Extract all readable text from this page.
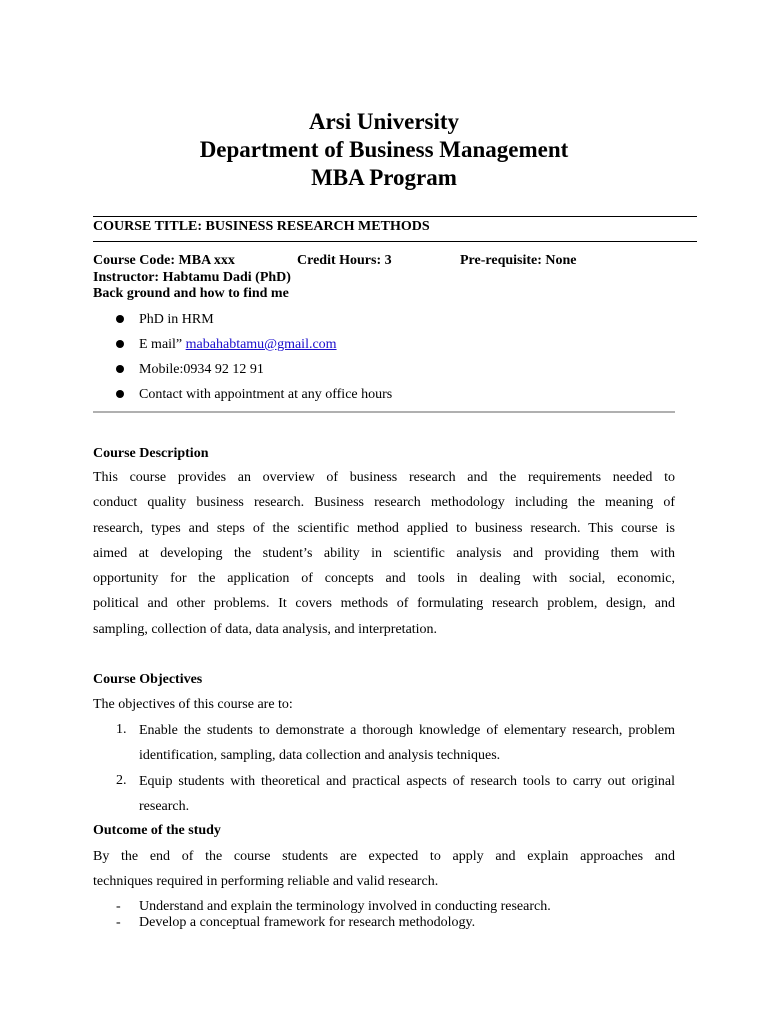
Arsi University
Department of Business Management
MBA Program
COURSE TITLE: BUSINESS RESEARCH METHODS
Course Code: MBA xxx	Credit Hours: 3	Pre-requisite: None
Instructor: Habtamu Dadi (PhD)
Back ground and how to find me
PhD in HRM
E mail” mabahabtamu@gmail.com
Mobile:0934 92 12 91
Contact with appointment at any office hours
Course Description
This course provides an overview of business research and the requirements needed to
conduct quality business research. Business research methodology including the meaning of
research, types and steps of the scientific method applied to business research. This course is
aimed at developing the student’s ability in scientific analysis and providing them with
opportunity for the application of concepts and tools in dealing with social, economic,
political and other problems. It covers methods of formulating research problem, design, and
sampling, collection of data, data analysis, and interpretation.
Course Objectives
The objectives of this course are to:
1. Enable the students to demonstrate a thorough knowledge of elementary research, problem identification, sampling, data collection and analysis techniques.
2. Equip students with theoretical and practical aspects of research tools to carry out original research.
Outcome of the study
By the end of the course students are expected to apply and explain approaches and
techniques required in performing reliable and valid research.
- Understand and explain the terminology involved in conducting research.
- Develop a conceptual framework for research methodology.
